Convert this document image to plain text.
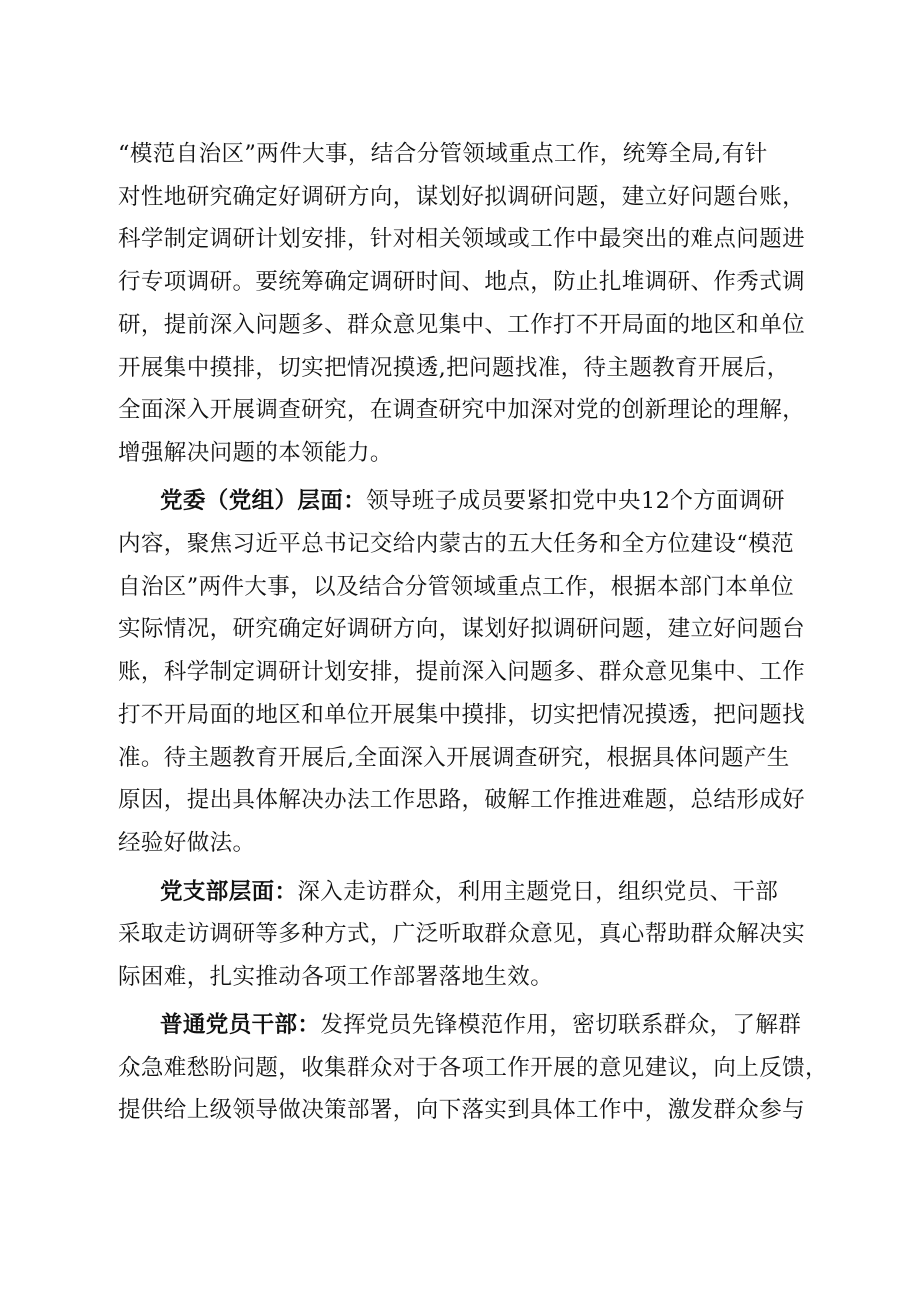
“模范自治区”两件大事，结合分管领域重点工作，统筹全局,有针
对性地研究确定好调研方向，谋划好拟调研问题，建立好问题台账，
科学制定调研计划安排，针对相关领域或工作中最突出的难点问题进
行专项调研。要统筹确定调研时间、地点，防止扎堆调研、作秀式调
研，提前深入问题多、群众意见集中、工作打不开局面的地区和单位
开展集中摸排，切实把情况摸透,把问题找准，待主题教育开展后，
全面深入开展调查研究，在调查研究中加深对党的创新理论的理解，
增强解决问题的本领能力。
党委（党组）层面：领导班子成员要紧扣党中央12个方面调研
内容，聚焦习近平总书记交给内蒙古的五大任务和全方位建设“模范
自治区”两件大事，以及结合分管领域重点工作，根据本部门本单位
实际情况，研究确定好调研方向，谋划好拟调研问题，建立好问题台
账，科学制定调研计划安排，提前深入问题多、群众意见集中、工作
打不开局面的地区和单位开展集中摸排，切实把情况摸透，把问题找
准。待主题教育开展后,全面深入开展调查研究，根据具体问题产生
原因，提出具体解决办法工作思路，破解工作推进难题，总结形成好
经验好做法。
党支部层面：深入走访群众，利用主题党日，组织党员、干部
采取走访调研等多种方式，广泛听取群众意见，真心帮助群众解决实
际困难，扎实推动各项工作部署落地生效。
普通党员干部：发挥党员先锋模范作用，密切联系群众，了解群
众急难愁盼问题，收集群众对于各项工作开展的意见建议，向上反馈，
提供给上级领导做决策部署，向下落实到具体工作中，激发群众参与
